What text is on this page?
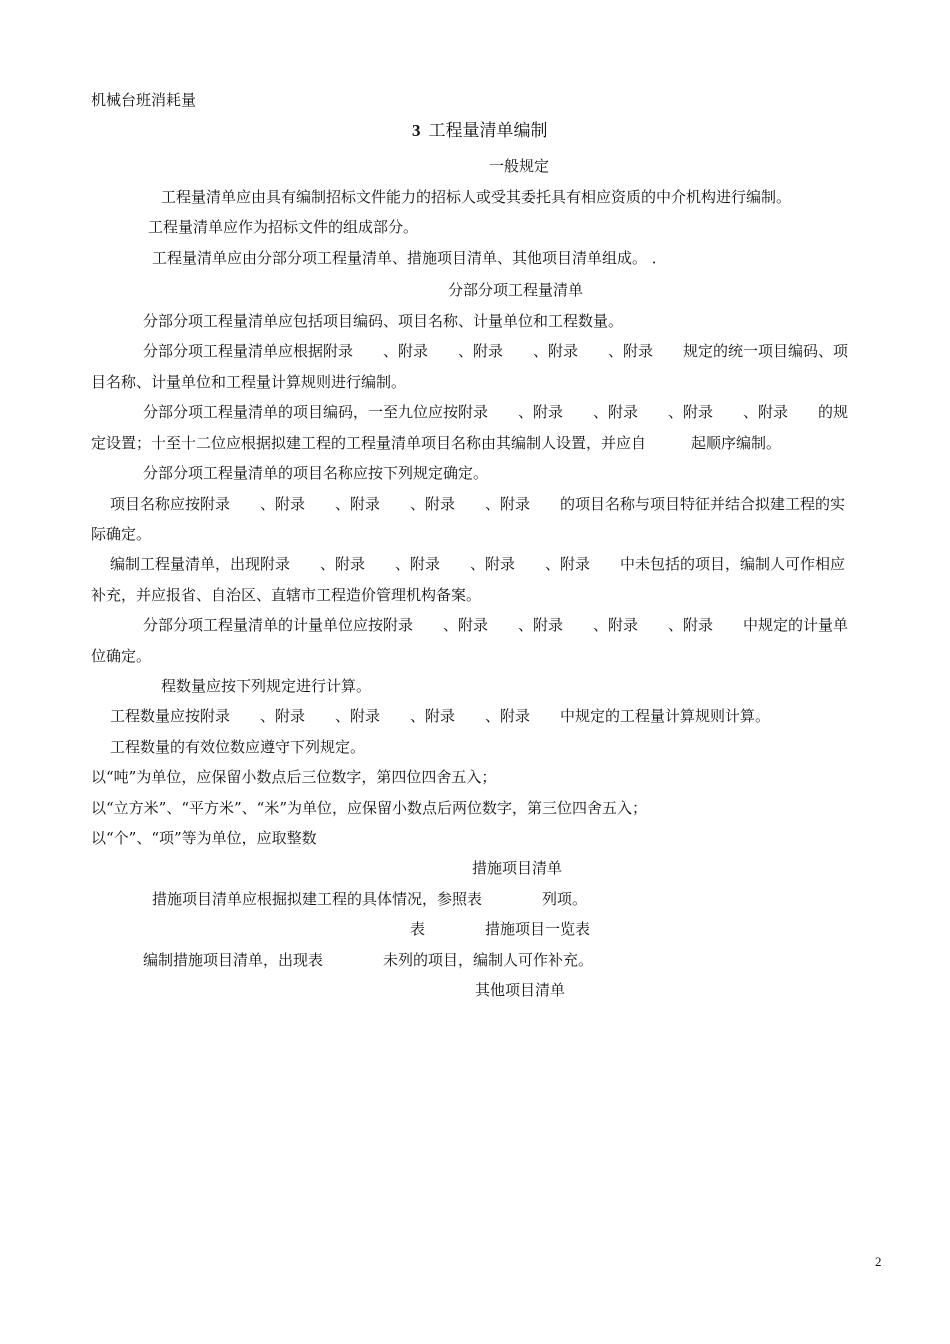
机械台班消耗量
3 工程量清单编制
一般规定
工程量清单应由具有编制招标文件能力的招标人或受其委托具有相应资质的中介机构进行编制。
工程量清单应作为招标文件的组成部分。
工程量清单应由分部分项工程量清单、措施项目清单、其他项目清单组成。 ．
分部分项工程量清单
分部分项工程量清单应包括项目编码、项目名称、计量单位和工程数量。
分部分项工程量清单应根据附录　　、附录　　、附录　　、附录　　、附录　　规定的统一项目编码、项
目名称、计量单位和工程量计算规则进行编制。
分部分项工程量清单的项目编码，一至九位应按附录　　、附录　　、附录　　、附录　　、附录　　的规
定设置；十至十二位应根据拟建工程的工程量清单项目名称由其编制人设置，并应自　　　起顺序编制。
分部分项工程量清单的项目名称应按下列规定确定。
项目名称应按附录　　、附录　　、附录　　、附录　　、附录　　的项目名称与项目特征并结合拟建工程的实
际确定。
编制工程量清单，出现附录　　、附录　　、附录　　、附录　　、附录　　中未包括的项目，编制人可作相应
补充，并应报省、自治区、直辖市工程造价管理机构备案。
分部分项工程量清单的计量单位应按附录　　、附录　　、附录　　、附录　　、附录　　中规定的计量单
位确定。
程数量应按下列规定进行计算。
工程数量应按附录　　、附录　　、附录　　、附录　　、附录　　中规定的工程量计算规则计算。
工程数量的有效位数应遵守下列规定。
以“吨”为单位，应保留小数点后三位数字，第四位四舍五入；
以“立方米”、“平方米”、“米”为单位，应保留小数点后两位数字，第三位四舍五入；
以“个”、“项”等为单位，应取整数
措施项目清单
措施项目清单应根掘拟建工程的具体情况，参照表　　　　列项。
表　　　　措施项目一览表
编制措施项目清单，出现表　　　　未列的项目，编制人可作补充。
其他项目清单
2
